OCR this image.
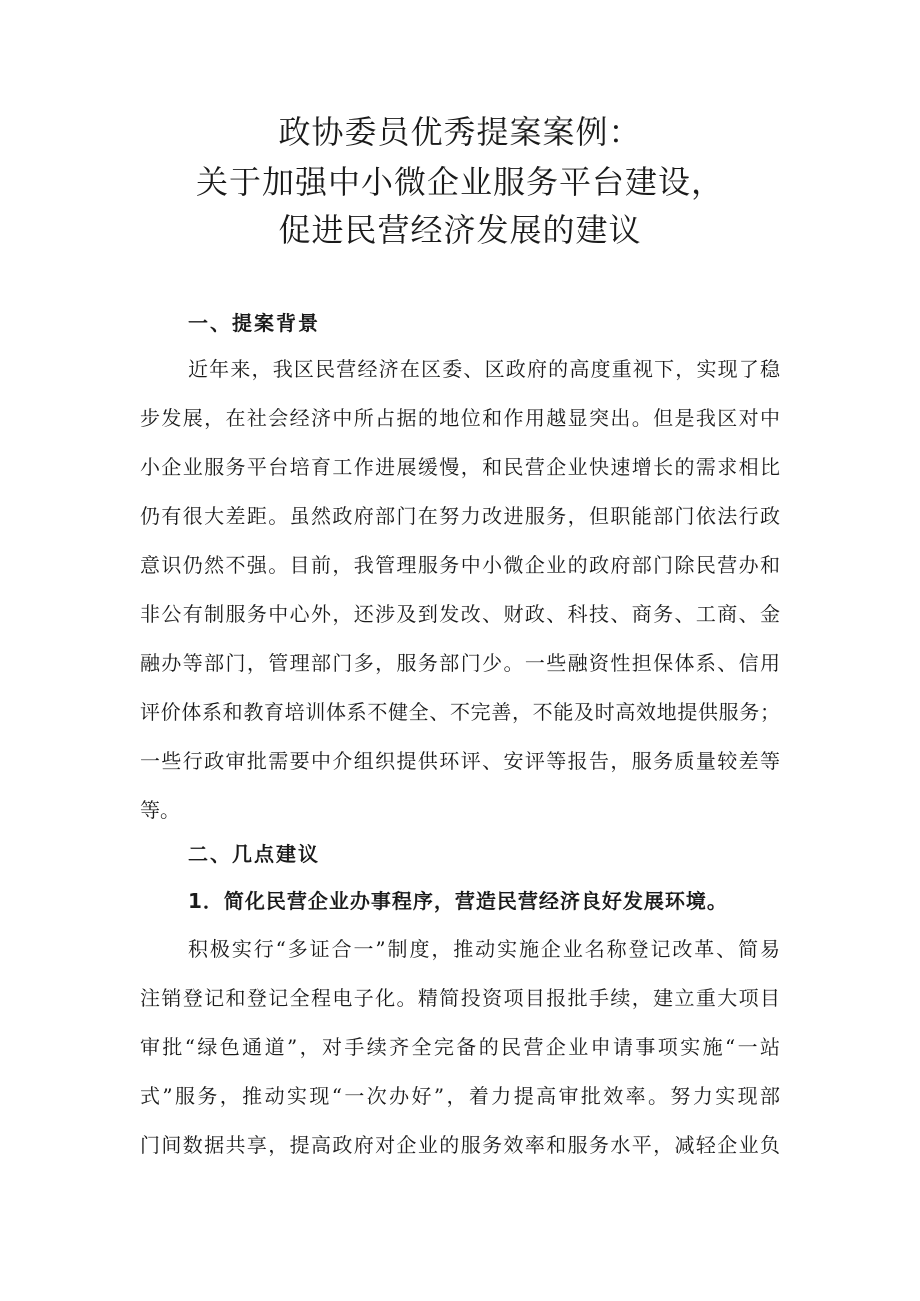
政协委员优秀提案案例：
关于加强中小微企业服务平台建设，
促进民营经济发展的建议
一、提案背景
近年来，我区民营经济在区委、区政府的高度重视下，实现了稳
步发展，在社会经济中所占据的地位和作用越显突出。但是我区对中
小企业服务平台培育工作进展缓慢，和民营企业快速增长的需求相比
仍有很大差距。虽然政府部门在努力改进服务，但职能部门依法行政
意识仍然不强。目前，我管理服务中小微企业的政府部门除民营办和
非公有制服务中心外，还涉及到发改、财政、科技、商务、工商、金
融办等部门，管理部门多，服务部门少。一些融资性担保体系、信用
评价体系和教育培训体系不健全、不完善，不能及时高效地提供服务；
一些行政审批需要中介组织提供环评、安评等报告，服务质量较差等
等。
二、几点建议
1．简化民营企业办事程序，营造民营经济良好发展环境。
积极实行“多证合一”制度，推动实施企业名称登记改革、简易
注销登记和登记全程电子化。精简投资项目报批手续，建立重大项目
审批“绿色通道”，对手续齐全完备的民营企业申请事项实施“一站
式”服务，推动实现“一次办好”，着力提高审批效率。努力实现部
门间数据共享，提高政府对企业的服务效率和服务水平，减轻企业负
